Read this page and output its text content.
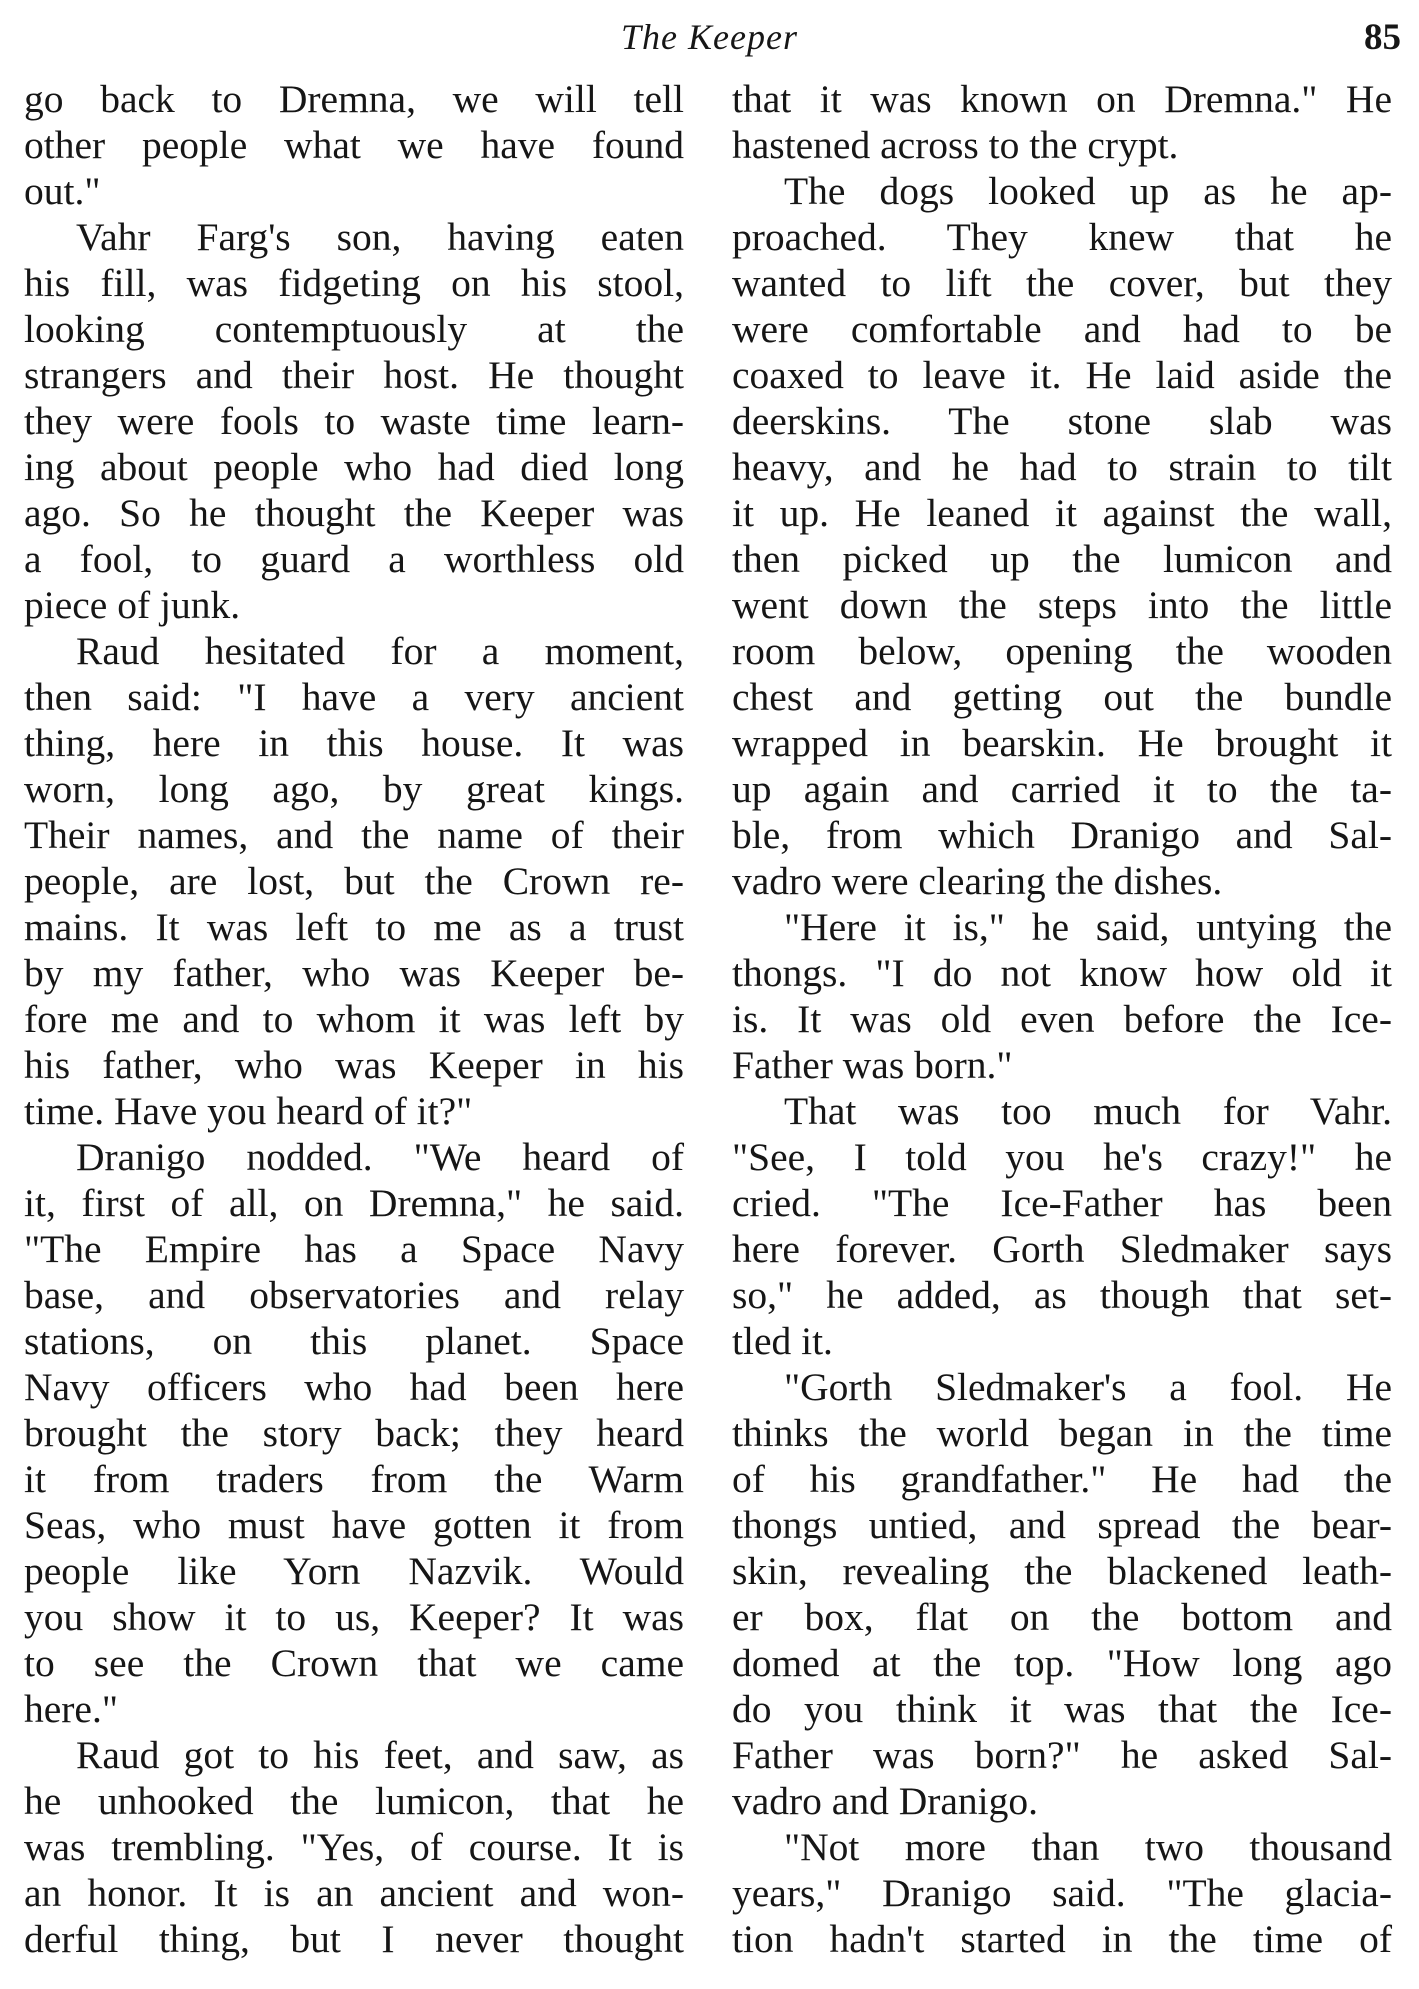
The Keeper	85
go back to Dremna, we will tell
other people what we have found
out."
Vahr Farg's son, having eaten
his fill, was fidgeting on his stool,
looking contemptuously at the
strangers and their host. He thought
they were fools to waste time learn-
ing about people who had died long
ago. So he thought the Keeper was
a fool, to guard a worthless old
piece of junk.
Raud hesitated for a moment,
then said: "I have a very ancient
thing, here in this house. It was
worn, long ago, by great kings.
Their names, and the name of their
people, are lost, but the Crown re-
mains. It was left to me as a trust
by my father, who was Keeper be-
fore me and to whom it was left by
his father, who was Keeper in his
time. Have you heard of it?"
Dranigo nodded. "We heard of
it, first of all, on Dremna," he said.
"The Empire has a Space Navy
base, and observatories and relay
stations, on this planet. Space
Navy officers who had been here
brought the story back; they heard
it from traders from the Warm
Seas, who must have gotten it from
people like Yorn Nazvik. Would
you show it to us, Keeper? It was
to see the Crown that we came
here."
Raud got to his feet, and saw, as
he unhooked the lumicon, that he
was trembling. "Yes, of course. It is
an honor. It is an ancient and won-
derful thing, but I never thought
that it was known on Dremna." He
hastened across to the crypt.
The dogs looked up as he ap-
proached. They knew that he
wanted to lift the cover, but they
were comfortable and had to be
coaxed to leave it. He laid aside the
deerskins. The stone slab was
heavy, and he had to strain to tilt
it up. He leaned it against the wall,
then picked up the lumicon and
went down the steps into the little
room below, opening the wooden
chest and getting out the bundle
wrapped in bearskin. He brought it
up again and carried it to the ta-
ble, from which Dranigo and Sal-
vadro were clearing the dishes.
"Here it is," he said, untying the
thongs. "I do not know how old it
is. It was old even before the Ice-
Father was born."
That was too much for Vahr.
"See, I told you he's crazy!" he
cried. "The Ice-Father has been
here forever. Gorth Sledmaker says
so," he added, as though that set-
tled it.
"Gorth Sledmaker's a fool. He
thinks the world began in the time
of his grandfather." He had the
thongs untied, and spread the bear-
skin, revealing the blackened leath-
er box, flat on the bottom and
domed at the top. "How long ago
do you think it was that the Ice-
Father was born?" he asked Sal-
vadro and Dranigo.
"Not more than two thousand
years," Dranigo said. "The glacia-
tion hadn't started in the time of
